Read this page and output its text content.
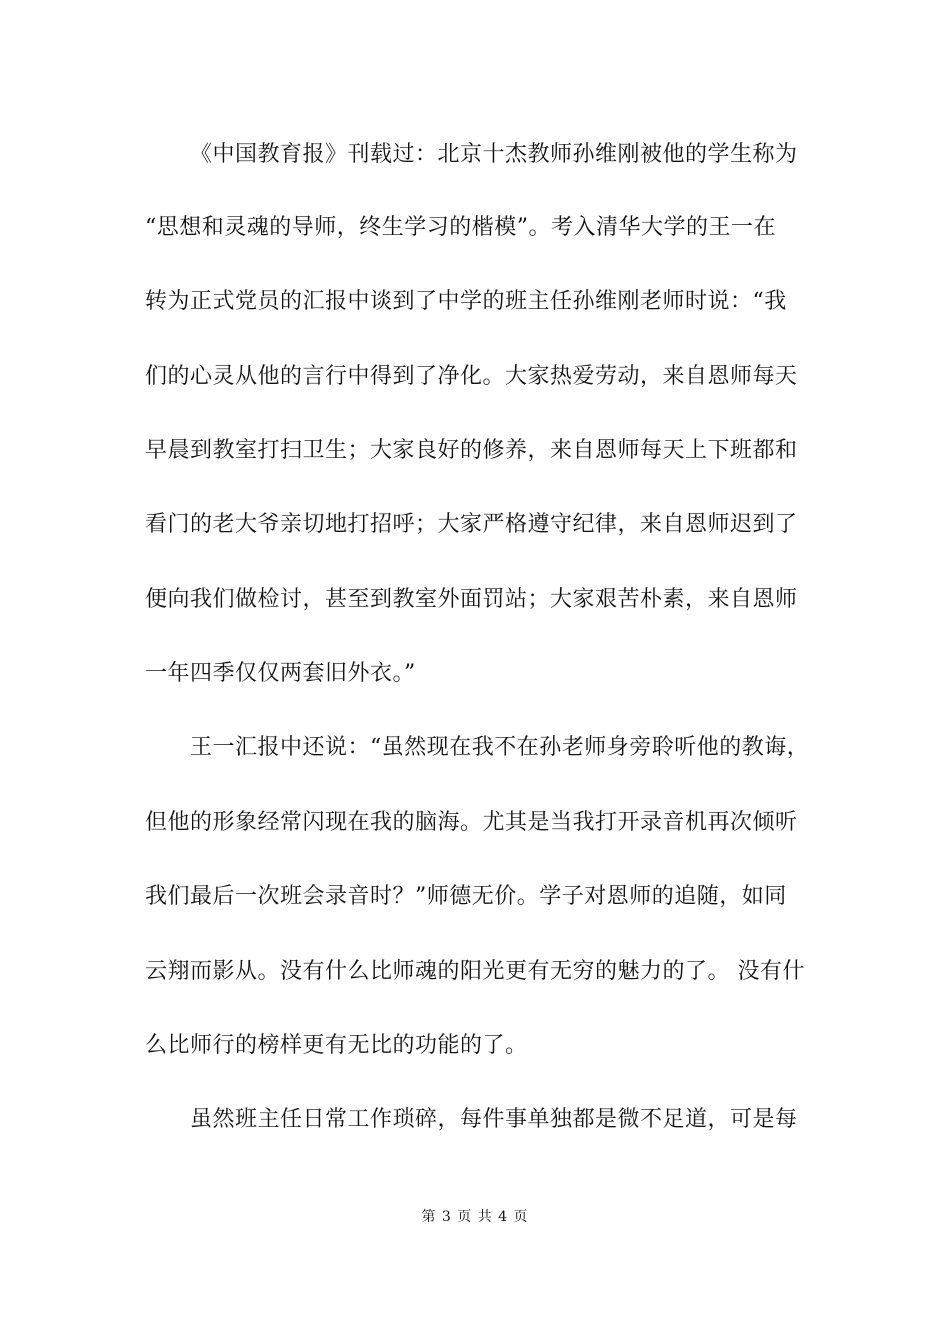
《中国教育报》刊载过：北京十杰教师孙维刚被他的学生称为
“思想和灵魂的导师，终生学习的楷模”。考入清华大学的王一在
转为正式党员的汇报中谈到了中学的班主任孙维刚老师时说：“我
们的心灵从他的言行中得到了净化。大家热爱劳动，来自恩师每天
早晨到教室打扫卫生；大家良好的修养，来自恩师每天上下班都和
看门的老大爷亲切地打招呼；大家严格遵守纪律，来自恩师迟到了
便向我们做检讨，甚至到教室外面罚站；大家艰苦朴素，来自恩师
一年四季仅仅两套旧外衣。”
王一汇报中还说：“虽然现在我不在孙老师身旁聆听他的教诲，
但他的形象经常闪现在我的脑海。尤其是当我打开录音机再次倾听
我们最后一次班会录音时？”师德无价。学子对恩师的追随，如同
云翔而影从。没有什么比师魂的阳光更有无穷的魅力的了。 没有什
么比师行的榜样更有无比的功能的了。
虽然班主任日常工作琐碎，每件事单独都是微不足道，可是每
第 3 页 共 4 页
